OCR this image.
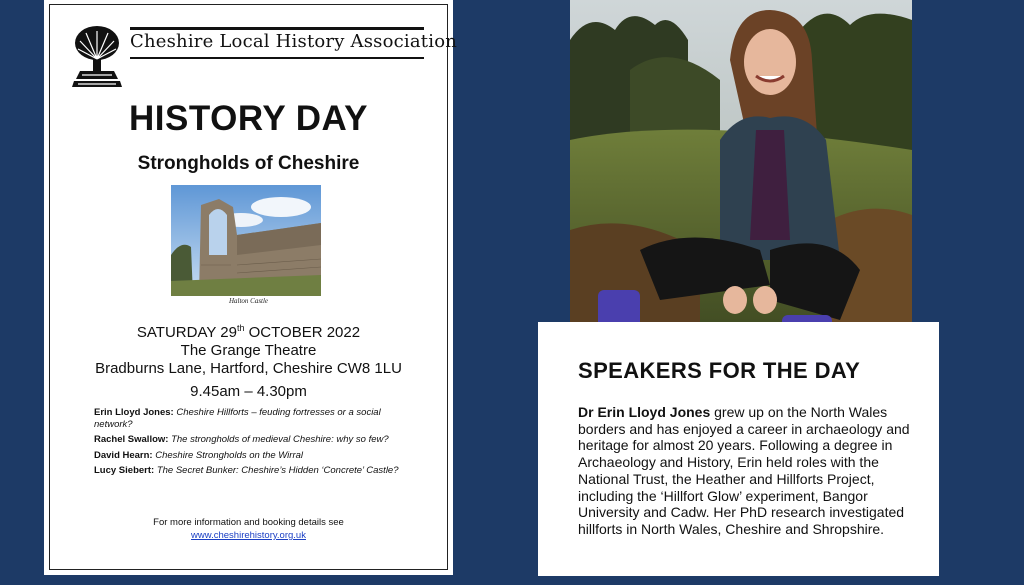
Cheshire Local History Association
HISTORY DAY
Strongholds of Cheshire
Halton Castle
SATURDAY 29th OCTOBER 2022
The Grange Theatre
Bradburns Lane, Hartford, Cheshire CW8 1LU
9.45am – 4.30pm
Erin Lloyd Jones: Cheshire Hillforts – feuding fortresses or a social network?
Rachel Swallow: The strongholds of medieval Cheshire: why so few?
David Hearn: Cheshire Strongholds on the Wirral
Lucy Siebert: The Secret Bunker: Cheshire’s Hidden ‘Concrete’ Castle?
For more information and booking details see
www.cheshirehistory.org.uk
SPEAKERS FOR THE DAY
Dr Erin Lloyd Jones grew up on the North Wales borders and has enjoyed a career in archaeology and heritage for almost 20 years. Following a degree in Archaeology and History, Erin held roles with the National Trust, the Heather and Hillforts Project, including the ‘Hillfort Glow’ experiment, Bangor University and Cadw. Her PhD research investigated hillforts in North Wales, Cheshire and Shropshire.
